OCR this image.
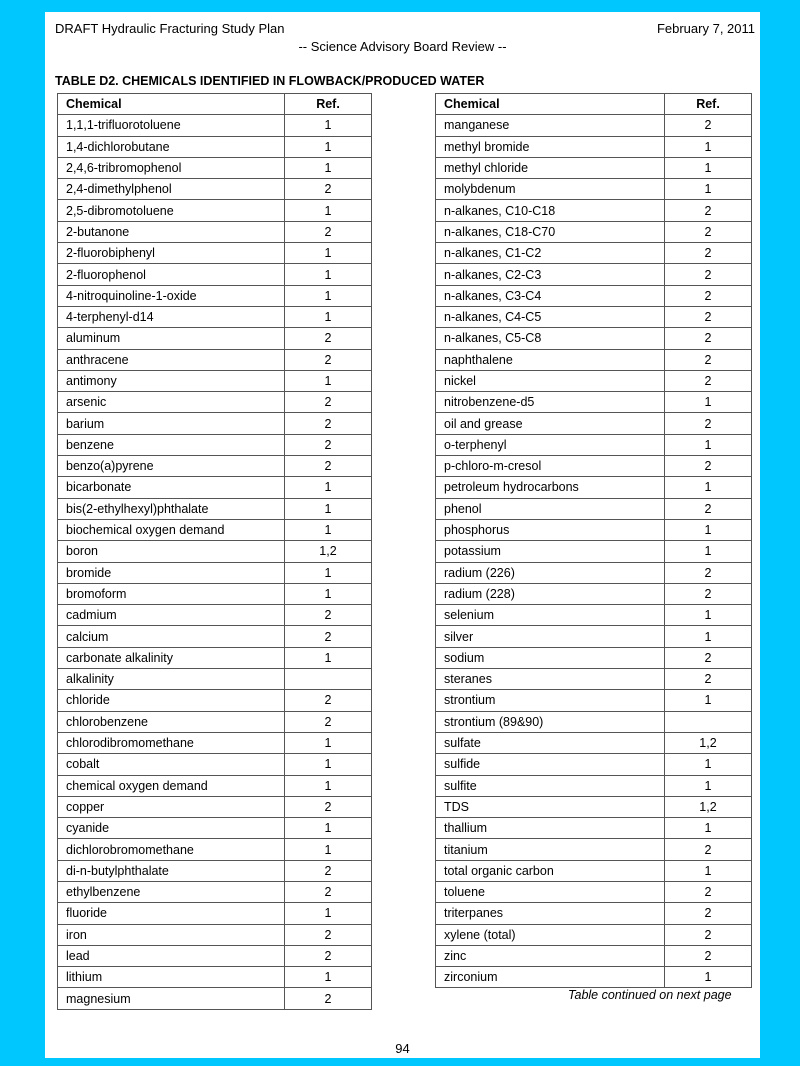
DRAFT Hydraulic Fracturing Study Plan	February 7, 2011
-- Science Advisory Board Review --
TABLE D2. CHEMICALS IDENTIFIED IN FLOWBACK/PRODUCED WATER
Chemical	Ref.
1,1,1-trifluorotoluene	1
1,4-dichlorobutane	1
2,4,6-tribromophenol	1
2,4-dimethylphenol	2
2,5-dibromotoluene	1
2-butanone	2
2-fluorobiphenyl	1
2-fluorophenol	1
4-nitroquinoline-1-oxide	1
4-terphenyl-d14	1
aluminum	2
anthracene	2
antimony	1
arsenic	2
barium	2
benzene	2
benzo(a)pyrene	2
bicarbonate	1
bis(2-ethylhexyl)phthalate	1
biochemical oxygen demand	1
boron	1,2
bromide	1
bromoform	1
cadmium	2
calcium	2
carbonate alkalinity	1
alkalinity	
chloride	2
chlorobenzene	2
chlorodibromomethane	1
cobalt	1
chemical oxygen demand	1
copper	2
cyanide	1
dichlorobromomethane	1
di-n-butylphthalate	2
ethylbenzene	2
fluoride	1
iron	2
lead	2
lithium	1
magnesium	2
Chemical	Ref.
manganese	2
methyl bromide	1
methyl chloride	1
molybdenum	1
n-alkanes, C10-C18	2
n-alkanes, C18-C70	2
n-alkanes, C1-C2	2
n-alkanes, C2-C3	2
n-alkanes, C3-C4	2
n-alkanes, C4-C5	2
n-alkanes, C5-C8	2
naphthalene	2
nickel	2
nitrobenzene-d5	1
oil and grease	2
o-terphenyl	1
p-chloro-m-cresol	2
petroleum hydrocarbons	1
phenol	2
phosphorus	1
potassium	1
radium (226)	2
radium (228)	2
selenium	1
silver	1
sodium	2
steranes	2
strontium	1
strontium (89&90)	
sulfate	1,2
sulfide	1
sulfite	1
TDS	1,2
thallium	1
titanium	2
total organic carbon	1
toluene	2
triterpanes	2
xylene (total)	2
zinc	2
zirconium	1
Table continued on next page
94
